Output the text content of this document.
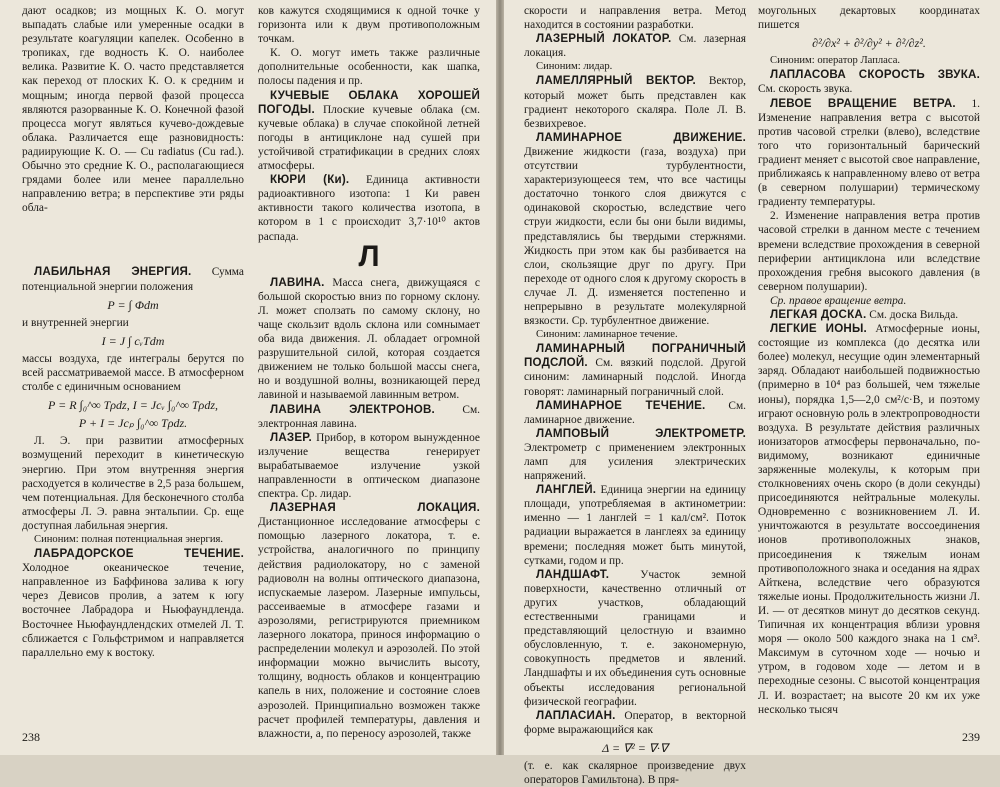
дают осадков; из мощных К. О. могут выпадать слабые или умеренные осадки в результате коагуляции капелек. Особенно в тропиках, где водность К. О. наиболее велика. Развитие К. О. часто представляется как переход от плоских К. О. к средним и мощным; иногда первой фазой процесса являются разорванные К. О. Конечной фазой процесса могут являться кучево-дождевые облака. Различается еще разновидность: радиирующие К. О. — Cu radiatus (Cu rad.). Обычно это средние К. О., располагающиеся грядами более или менее параллельно направлению ветра; в перспективе эти ряды обла-

ЛАБИЛЬНАЯ ЭНЕРГИЯ. Сумма потенциальной энергии положения

P = ∫ Φdm

и внутренней энергии

I = J ∫ cᵥTdm

массы воздуха, где интегралы берутся по всей рассматриваемой массе. В атмосферном столбе с единичным основанием

P = R ∫₀^∞ Tρdz, I = Jcᵥ ∫₀^∞ Tρdz,
P + I = Jcₚ ∫₀^∞ Tρdz.

Л. Э. при развитии атмосферных возмущений переходит в кинетическую энергию. При этом внутренняя энергия расходуется в количестве в 2,5 раза большем, чем потенциальная. Для бесконечного столба атмосферы Л. Э. равна энтальпии. Ср. еще доступная лабильная энергия.

Синоним: полная потенциальная энергия.

ЛАБРАДОРСКОЕ ТЕЧЕНИЕ. Холодное океаническое течение, направленное из Баффинова залива к югу через Девисов пролив, а затем к югу восточнее Лабрадора и Ньюфаундленда. Восточнее Ньюфаундлендских отмелей Л. Т. сближается с Гольфстримом и направляется параллельно ему к востоку.

ков кажутся сходящимися к одной точке у горизонта или к двум противоположным точкам.

К. О. могут иметь также различные дополнительные особенности, как шапка, полосы падения и пр.

КУЧЕВЫЕ ОБЛАКА ХОРОШЕЙ ПОГОДЫ. Плоские кучевые облака (см. кучевые облака) в случае спокойной летней погоды в антициклоне над сушей при устойчивой стратификации в средних слоях атмосферы.

КЮРИ (Ки). Единица активности радиоактивного изотопа: 1 Ки равен активности такого количества изотопа, в котором в 1 с происходит 3,7·10¹⁰ актов распада.

Л

ЛАВИНА. Масса снега, движущаяся с большой скоростью вниз по горному склону. Л. может сползать по самому склону, но чаще скользит вдоль склона или сомнымает оба вида движения. Л. обладает огромной разрушительной силой, которая создается движением не только большой массы снега, но и воздушной волны, возникающей перед лавиной и называемой лавинным ветром.

ЛАВИНА ЭЛЕКТРОНОВ. См. электронная лавина.

ЛАЗЕР. Прибор, в котором вынужденное излучение вещества генерирует вырабатываемое излучение узкой направленности в оптическом диапазоне спектра. Ср. лидар.

ЛАЗЕРНАЯ ЛОКАЦИЯ. Дистанционное исследование атмосферы с помощью лазерного локатора, т. е. устройства, аналогичного по принципу действия радиолокатору, но с заменой радиоволн на волны оптического диапазона, испускаемые лазером. Лазерные импульсы, рассеиваемые в атмосфере газами и аэрозолями, регистрируются приемником лазерного локатора, принося информацию о распределении молекул и аэрозолей. По этой информации можно вычислить высоту, толщину, водность облаков и концентрацию капель в них, положение и состояние слоев аэрозолей. Принципиально возможен также расчет профилей температуры, давления и влажности, а, по переносу аэрозолей, также

238

скорости и направления ветра. Метод находится в состоянии разработки.

ЛАЗЕРНЫЙ ЛОКАТОР. См. лазерная локация.

Синоним: лидар.

ЛАМЕЛЛЯРНЫЙ ВЕКТОР. Вектор, который может быть представлен как градиент некоторого скаляра. Поле Л. В. безвихревое.

ЛАМИНАРНОЕ ДВИЖЕНИЕ. Движение жидкости (газа, воздуха) при отсутствии турбулентности, характеризующееся тем, что все частицы достаточно тонкого слоя движутся с одинаковой скоростью, вследствие чего струи жидкости, если бы они были видимы, представлялись бы твердыми стержнями. Жидкость при этом как бы разбивается на слои, скользящие друг по другу. При переходе от одного слоя к другому скорость в случае Л. Д. изменяется постепенно и непрерывно в результате молекулярной вязкости. Ср. турбулентное движение.

Синоним: ламинарное течение.

ЛАМИНАРНЫЙ ПОГРАНИЧНЫЙ ПОДСЛОЙ. См. вязкий подслой. Другой синоним: ламинарный подслой. Иногда говорят: ламинарный пограничный слой.

ЛАМИНАРНОЕ ТЕЧЕНИЕ. См. ламинарное движение.

ЛАМПОВЫЙ ЭЛЕКТРОМЕТР. Электрометр с применением электронных ламп для усиления электрических напряжений.

ЛАНГЛЕЙ. Единица энергии на единицу площади, употребляемая в актинометрии: именно — 1 ланглей = 1 кал/см². Поток радиации выражается в ланглеях за единицу времени; последняя может быть минутой, сутками, годом и пр.

ЛАНДШАФТ.	Участок земной поверхности, качественно отличный от других участков, обладающий естественными границами и представляющий целостную и взаимно обусловленную, т. е. закономерную, совокупность предметов и явлений. Ландшафты и их объединения суть основные объекты исследования региональной физической географии.

ЛАПЛАСИАН. Оператор, в векторной форме выражающийся как

Δ = ∇² = ∇·∇

(т. е. как скалярное произведение двух операторов Гамильтона). В пря-

моугольных декартовых координатах пишется

∂²/∂x² + ∂²/∂y² + ∂²/∂z².

Синоним: оператор Лапласа.

ЛАПЛАСОВА СКОРОСТЬ ЗВУКА. См. скорость звука.

ЛЕВОЕ ВРАЩЕНИЕ ВЕТРА. 1. Изменение направления ветра с высотой против часовой стрелки (влево), вследствие того что горизонтальный барический градиент меняет с высотой свое направление, приближаясь к направленному влево от ветра (в северном полушарии) термическому градиенту температуры.

2. Изменение направления ветра против часовой стрелки в данном месте с течением времени вследствие прохождения в северной периферии антициклона или вследствие прохождения гребня высокого давления (в северном полушарии).

Ср. правое вращение ветра.

ЛЕГКАЯ ДОСКА. См. доска Вильда.

ЛЕГКИЕ ИОНЫ. Атмосферные ионы, состоящие из комплекса (до десятка или более) молекул, несущие один элементарный заряд. Обладают наибольшей подвижностью (примерно в 10⁴ раз большей, чем тяжелые ионы), порядка 1,5—2,0 см²/с·В, и поэтому играют основную роль в электропроводности воздуха. В результате действия различных ионизаторов атмосферы первоначально, по-видимому, возникают единичные заряженные молекулы, к которым при столкновениях очень скоро (в доли секунды) присоединяются нейтральные молекулы. Одновременно с возникновением Л. И. уничтожаются в результате воссоединения ионов противоположных знаков, присоединения к тяжелым ионам противоположного знака и оседания на ядрах Айткена, вследствие чего образуются тяжелые ионы. Продолжительность жизни Л. И. — от десятков минут до десятков секунд. Типичная их концентрация вблизи уровня моря — около 500 каждого знака на 1 см³. Максимум в суточном ходе — ночью и утром, в годовом ходе — летом и в переходные сезоны. С высотой концентрация Л. И. возрастает; на высоте 20 км их уже несколько тысяч

239
